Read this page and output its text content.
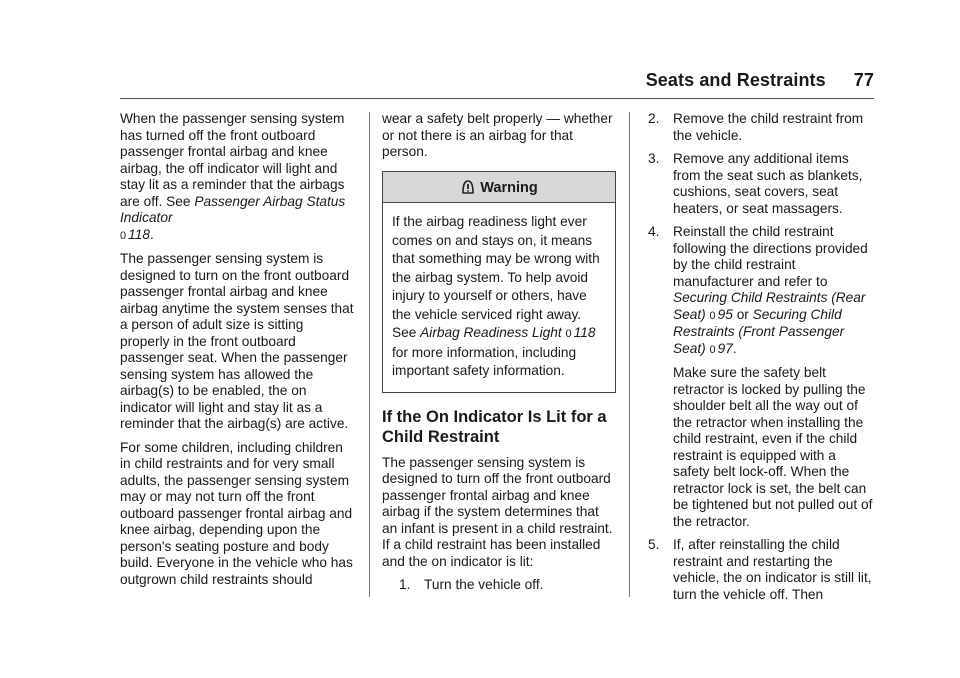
Seats and Restraints 77

When the passenger sensing system has turned off the front outboard passenger frontal airbag and knee airbag, the off indicator will light and stay lit as a reminder that the airbags are off. See Passenger Airbag Status Indicator
0 118.

The passenger sensing system is designed to turn on the front outboard passenger frontal airbag and knee airbag anytime the system senses that a person of adult size is sitting properly in the front outboard passenger seat. When the passenger sensing system has allowed the airbag(s) to be enabled, the on indicator will light and stay lit as a reminder that the airbag(s) are active.

For some children, including children in child restraints and for very small adults, the passenger sensing system may or may not turn off the front outboard passenger frontal airbag and knee airbag, depending upon the person's seating posture and body build. Everyone in the vehicle who has outgrown child restraints should

wear a safety belt properly — whether or not there is an airbag for that person.

Warning
If the airbag readiness light ever comes on and stays on, it means that something may be wrong with the airbag system. To help avoid injury to yourself or others, have the vehicle serviced right away. See Airbag Readiness Light 0 118 for more information, including important safety information.
If the On Indicator Is Lit for a Child Restraint

The passenger sensing system is designed to turn off the front outboard passenger frontal airbag and knee airbag if the system determines that an infant is present in a child restraint. If a child restraint has been installed and the on indicator is lit:

1. Turn the vehicle off.
2. Remove the child restraint from the vehicle.
3. Remove any additional items from the seat such as blankets, cushions, seat covers, seat heaters, or seat massagers.
4. Reinstall the child restraint following the directions provided by the child restraint manufacturer and refer to Securing Child Restraints (Rear Seat) 0 95 or Securing Child Restraints (Front Passenger Seat) 0 97.

Make sure the safety belt retractor is locked by pulling the shoulder belt all the way out of the retractor when installing the child restraint, even if the child restraint is equipped with a safety belt lock-off. When the retractor lock is set, the belt can be tightened but not pulled out of the retractor.

5. If, after reinstalling the child restraint and restarting the vehicle, the on indicator is still lit, turn the vehicle off. Then
